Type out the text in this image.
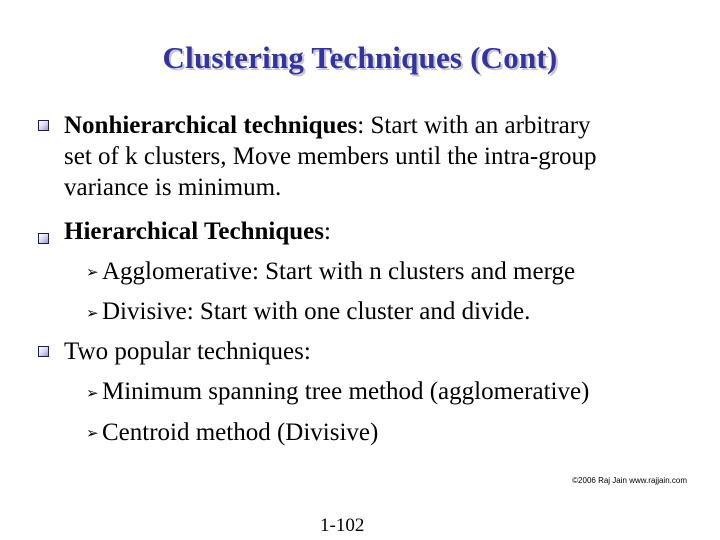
Clustering Techniques (Cont)
Nonhierarchical techniques: Start with an arbitrary
set of k clusters, Move members until the intra-group
variance is minimum.
Hierarchical Techniques:
➢ Agglomerative: Start with n clusters and merge
➢ Divisive: Start with one cluster and divide.
Two popular techniques:
➢ Minimum spanning tree method (agglomerative)
➢ Centroid method (Divisive)
©2006 Raj Jain www.rajjain.com
1-102
